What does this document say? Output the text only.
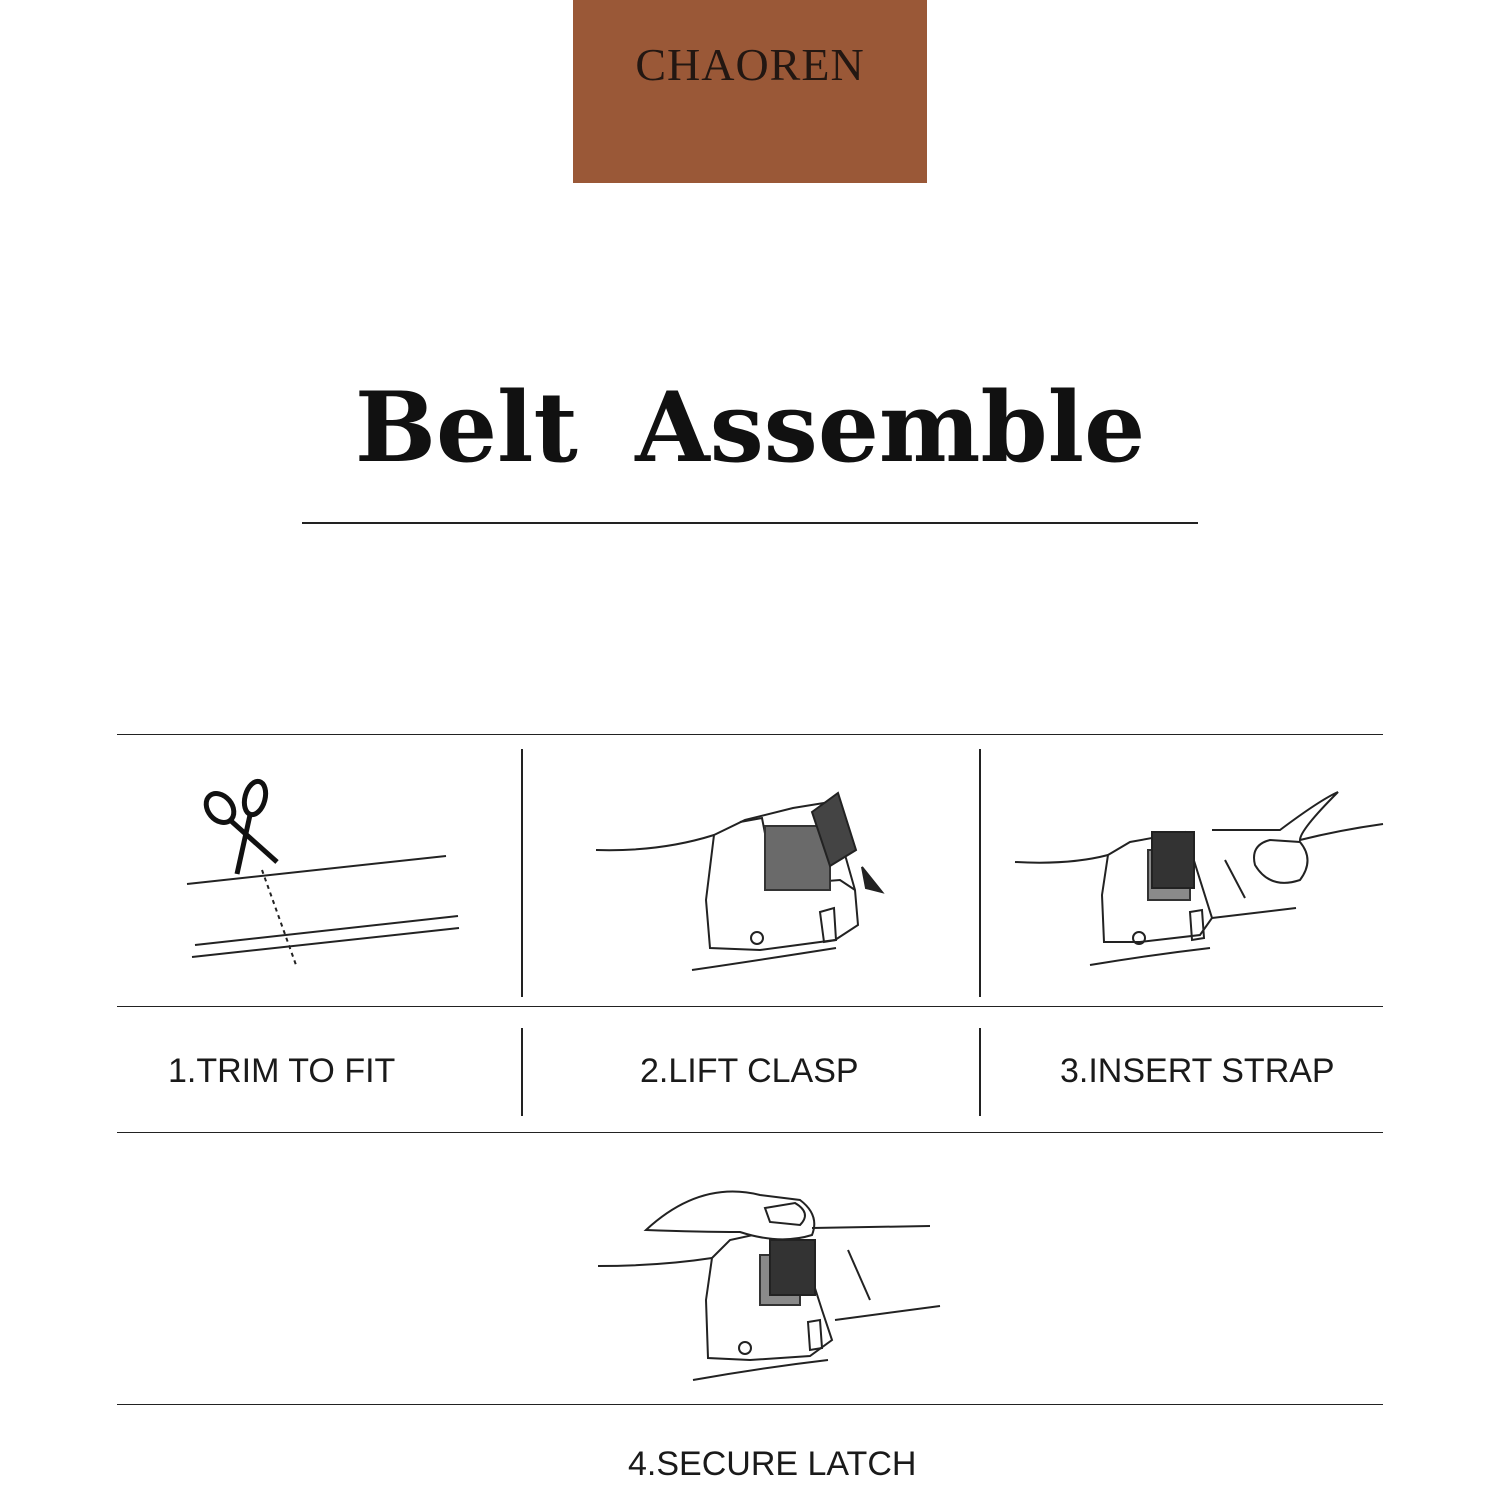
CHAOREN
Belt Assemble
1.TRIM TO FIT	2.LIFT CLASP	3.INSERT STRAP
4.SECURE LATCH
